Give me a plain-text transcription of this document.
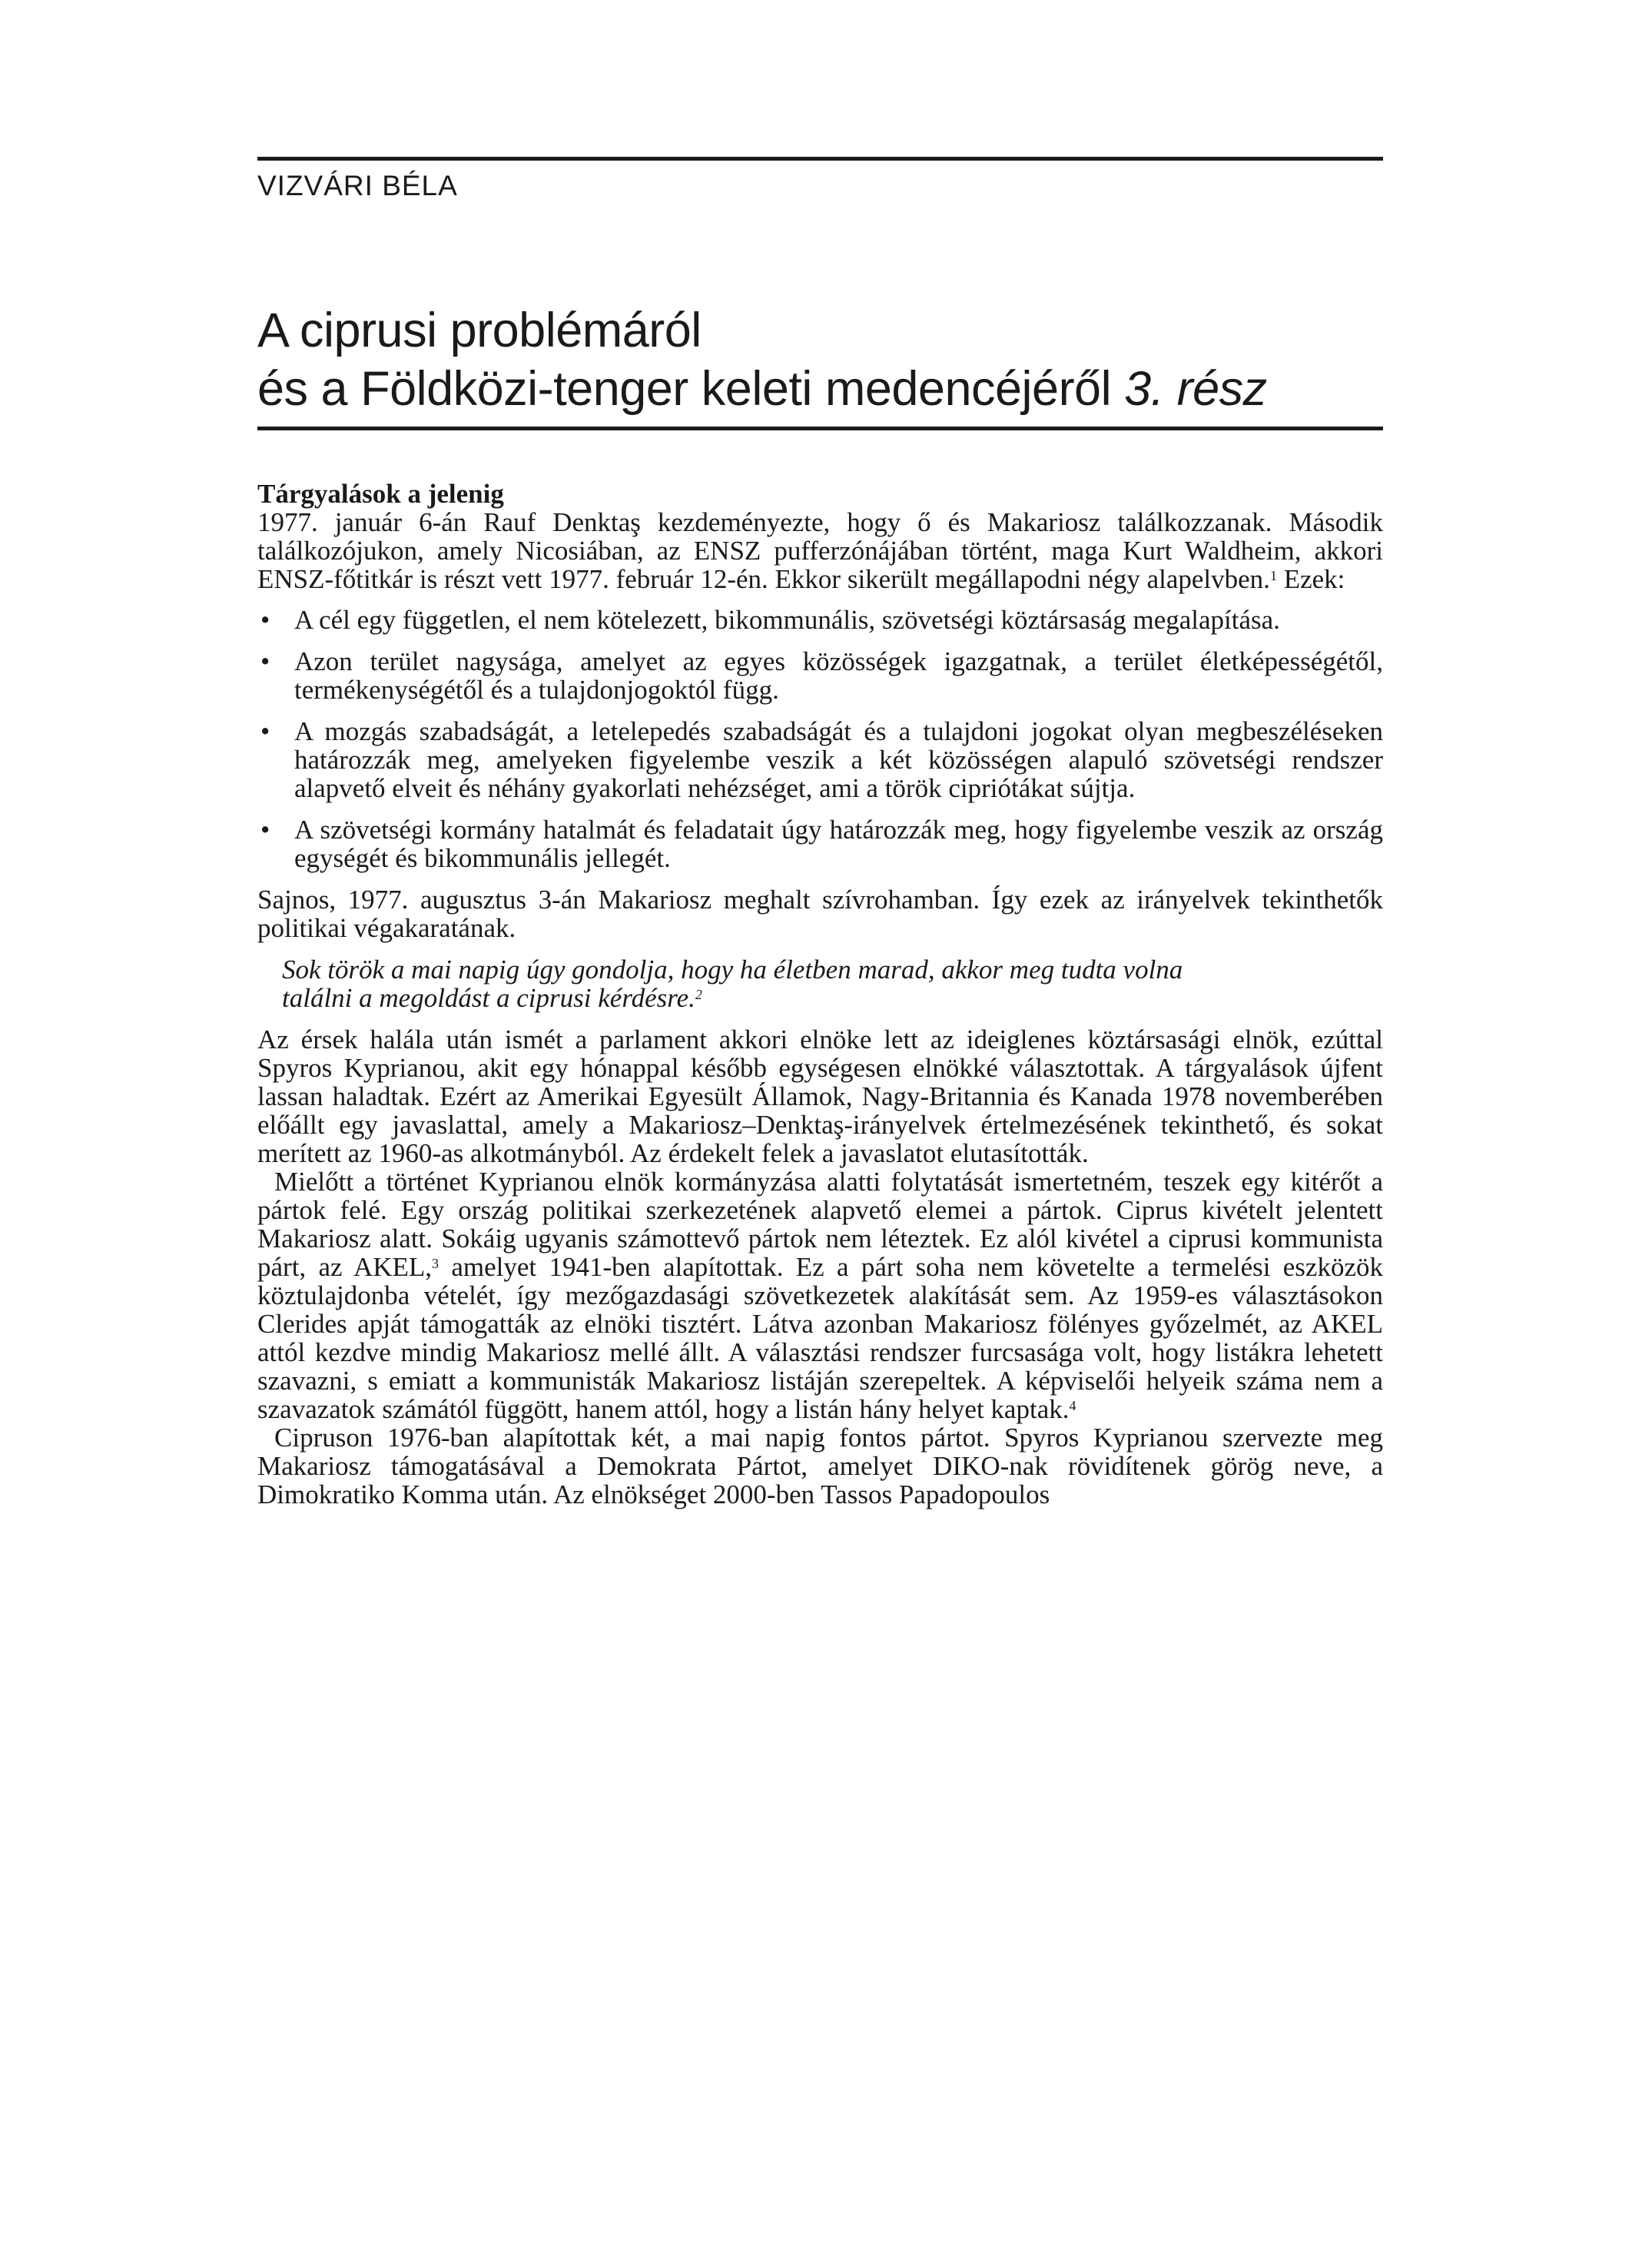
VIZVÁRI BÉLA
A ciprusi problémáról
és a Földközi-tenger keleti medencéjéről 3. rész

Tárgyalások a jelenig

1977. január 6-án Rauf Denktaş kezdeményezte, hogy ő és Makariosz találkozzanak. Második találkozójukon, amely Nicosiában, az ENSZ pufferzónájában történt, maga Kurt Waldheim, akkori ENSZ-főtitkár is részt vett 1977. február 12-én. Ekkor sikerült megállapodni négy alapelvben.$^1$ Ezek:

• A cél egy független, el nem kötelezett, bikommunális, szövetségi köztársaság megalapítása.
• Azon terület nagysága, amelyet az egyes közösségek igazgatnak, a terület életképességétől, termékenységétől és a tulajdonjogoktól függ.
• A mozgás szabadságát, a letelepedés szabadságát és a tulajdoni jogokat olyan megbeszéléseken határozzák meg, amelyeken figyelembe veszik a két közösségen alapuló szövetségi rendszer alapvető elveit és néhány gyakorlati nehézséget, ami a török cipriótákat sújtja.
• A szövetségi kormány hatalmát és feladatait úgy határozzák meg, hogy figyelembe veszik az ország egységét és bikommunális jellegét.

Sajnos, 1977. augusztus 3-án Makariosz meghalt szívrohamban. Így ezek az irányelvek tekinthetők politikai végakaratának.

Sok török a mai napig úgy gondolja, hogy ha életben marad, akkor meg tudta volna találni a megoldást a ciprusi kérdésre.$^2$

Az érsek halála után ismét a parlament akkori elnöke lett az ideiglenes köztársasági elnök, ezúttal Spyros Kyprianou, akit egy hónappal később egységesen elnökké választottak. A tárgyalások újfent lassan haladtak. Ezért az Amerikai Egyesült Államok, Nagy-Britannia és Kanada 1978 novemberében előállt egy javaslattal, amely a Makariosz–Denktaş-irányelvek értelmezésének tekinthető, és sokat merített az 1960-as alkotmányból. Az érdekelt felek a javaslatot elutasították.

Mielőtt a történet Kyprianou elnök kormányzása alatti folytatását ismertetném, teszek egy kitérőt a pártok felé. Egy ország politikai szerkezetének alapvető elemei a pártok. Ciprus kivételt jelentett Makariosz alatt. Sokáig ugyanis számottevő pártok nem léteztek. Ez alól kivétel a ciprusi kommunista párt, az AKEL,$^3$ amelyet 1941-ben alapítottak. Ez a párt soha nem követelte a termelési eszközök köztulajdonba vételét, így mezőgazdasági szövetkezetek alakítását sem. Az 1959-es választásokon Clerides apját támogatták az elnöki tisztért. Látva azonban Makariosz fölényes győzelmét, az AKEL attól kezdve mindig Makariosz mellé állt. A választási rendszer furcsasága volt, hogy listákra lehetett szavazni, s emiatt a kommunisták Makariosz listáján szerepeltek. A képviselői helyeik száma nem a szavazatok számától függött, hanem attól, hogy a listán hány helyet kaptak.$^4$

Cipruson 1976-ban alapítottak két, a mai napig fontos pártot. Spyros Kyprianou szervezte meg Makariosz támogatásával a Demokrata Pártot, amelyet DIKO-nak rövidítenek görög neve, a Dimokratiko Komma után. Az elnökséget 2000-ben Tassos Papadopoulos
